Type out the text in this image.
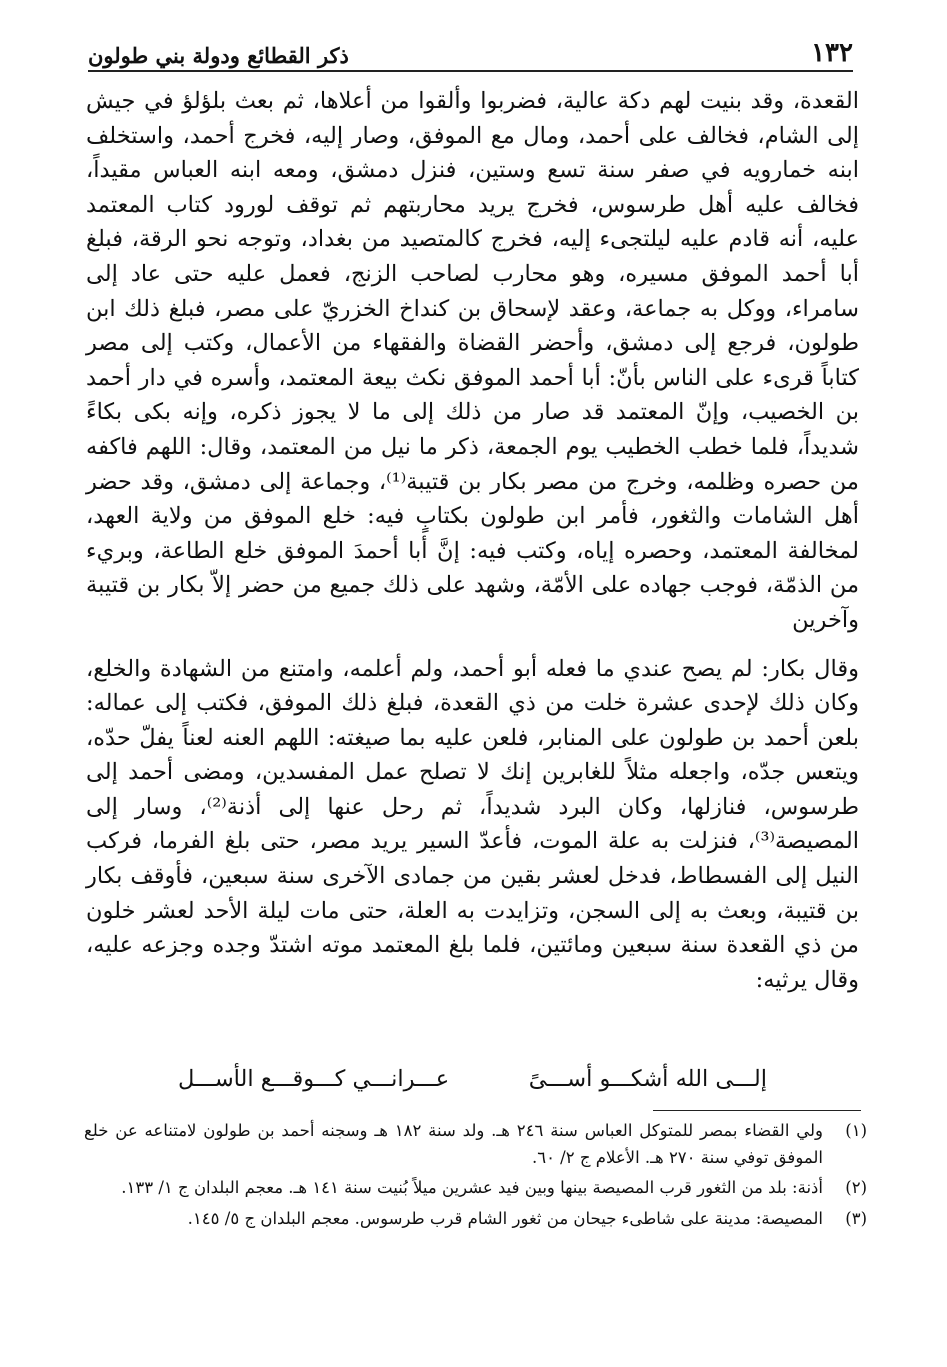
١٣٢
ذكر القطائع ودولة بني طولون

القعدة، وقد بنيت لهم دكة عالية، فضربوا وألقوا من أعلاها، ثم بعث بلؤلؤ في جيش إلى الشام، فخالف على أحمد، ومال مع الموفق، وصار إليه، فخرج أحمد، واستخلف ابنه خمارويه في صفر سنة تسع وستين، فنزل دمشق، ومعه ابنه العباس مقيداً، فخالف عليه أهل طرسوس، فخرج يريد محاربتهم ثم توقف لورود كتاب المعتمد عليه، أنه قادم عليه ليلتجىء إليه، فخرج كالمتصيد من بغداد، وتوجه نحو الرقة، فبلغ أبا أحمد الموفق مسيره، وهو محارب لصاحب الزنج، فعمل عليه حتى عاد إلى سامراء، ووكل به جماعة، وعقد لإسحاق بن كنداخ الخزريّ على مصر، فبلغ ذلك ابن طولون، فرجع إلى دمشق، وأحضر القضاة والفقهاء من الأعمال، وكتب إلى مصر كتاباً قرىء على الناس بأنّ: أبا أحمد الموفق نكث بيعة المعتمد، وأسره في دار أحمد بن الخصيب، وإنّ المعتمد قد صار من ذلك إلى ما لا يجوز ذكره، وإنه بكى بكاءً شديداً، فلما خطب الخطيب يوم الجمعة، ذكر ما نيل من المعتمد، وقال: اللهم فاكفه من حصره وظلمه، وخرج من مصر بكار بن قتيبة⁽¹⁾، وجماعة إلى دمشق، وقد حضر أهل الشامات والثغور، فأمر ابن طولون بكتابٍ فيه: خلع الموفق من ولاية العهد، لمخالفة المعتمد، وحصره إياه، وكتب فيه: إنَّ أبا أحمدَ الموفق خلع الطاعة، وبريء من الذمّة، فوجب جهاده على الأمّة، وشهد على ذلك جميع من حضر إلاّ بكار بن قتيبة وآخرين

وقال بكار: لم يصح عندي ما فعله أبو أحمد، ولم أعلمه، وامتنع من الشهادة والخلع، وكان ذلك لإحدى عشرة خلت من ذي القعدة، فبلغ ذلك الموفق، فكتب إلى عماله: بلعن أحمد بن طولون على المنابر، فلعن عليه بما صيغته: اللهم العنه لعناً يفلّ حدّه، ويتعس جدّه، واجعله مثلاً للغابرين إنك لا تصلح عمل المفسدين، ومضى أحمد إلى طرسوس، فنازلها، وكان البرد شديداً، ثم رحل عنها إلى أذنة⁽²⁾، وسار إلى المصيصة⁽³⁾، فنزلت به علة الموت، فأعدّ السير يريد مصر، حتى بلغ الفرما، فركب النيل إلى الفسطاط، فدخل لعشر بقين من جمادى الآخرى سنة سبعين، فأوقف بكار بن قتيبة، وبعث به إلى السجن، وتزايدت به العلة، حتى مات ليلة الأحد لعشر خلون من ذي القعدة سنة سبعين ومائتين، فلما بلغ المعتمد موته اشتدّ وجده وجزعه عليه، وقال يرثيه:

إلـــى الله أشكـــو أســـىً
عـــرانـــي كـــوقـــع الأســـل
(١)
ولي القضاء بمصر للمتوكل العباس سنة ٢٤٦ هـ. ولد سنة ١٨٢ هـ وسجنه أحمد بن طولون لامتناعه عن خلع الموفق توفي سنة ٢٧٠ هـ. الأعلام ج ٢/ ٦٠.
(٢)
أذنة: بلد من الثغور قرب المصيصة بينها وبين فيد عشرين ميلاً بُنيت سنة ١٤١ هـ. معجم البلدان ج ١/ ١٣٣.
(٣)
المصيصة: مدينة على شاطىء جيحان من ثغور الشام قرب طرسوس. معجم البلدان ج ٥/ ١٤٥.
